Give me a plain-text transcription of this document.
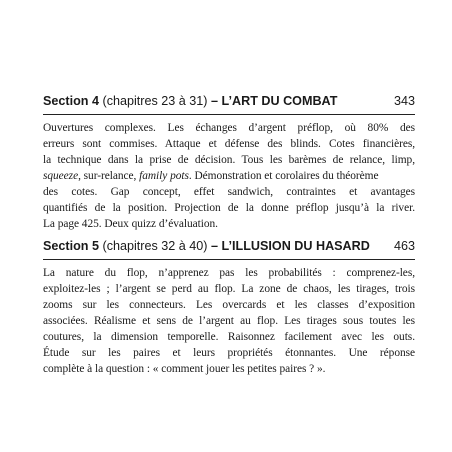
Section 4 (chapitres 23 à 31) – L’ART DU COMBAT	343
Ouvertures complexes. Les échanges d’argent préflop, où 80% des
erreurs sont commises. Attaque et défense des blinds. Cotes financières,
la technique dans la prise de décision. Tous les barèmes de relance, limp,
squeeze, sur-relance, family pots. Démonstration et corolaires du théorème
des cotes. Gap concept, effet sandwich, contraintes et avantages
quantifiés de la position. Projection de la donne préflop jusqu’à la river.
La page 425. Deux quizz d’évaluation.
Section 5 (chapitres 32 à 40) – L’ILLUSION DU HASARD 463
La nature du flop, n’apprenez pas les probabilités : comprenez-les,
exploitez-les ; l’argent se perd au flop. La zone de chaos, les tirages, trois
zooms sur les connecteurs. Les overcards et les classes d’exposition
associées. Réalisme et sens de l’argent au flop. Les tirages sous toutes les
coutures, la dimension temporelle. Raisonnez facilement avec les outs.
Étude sur les paires et leurs propriétés étonnantes. Une réponse
complète à la question : « comment jouer les petites paires ? ».
